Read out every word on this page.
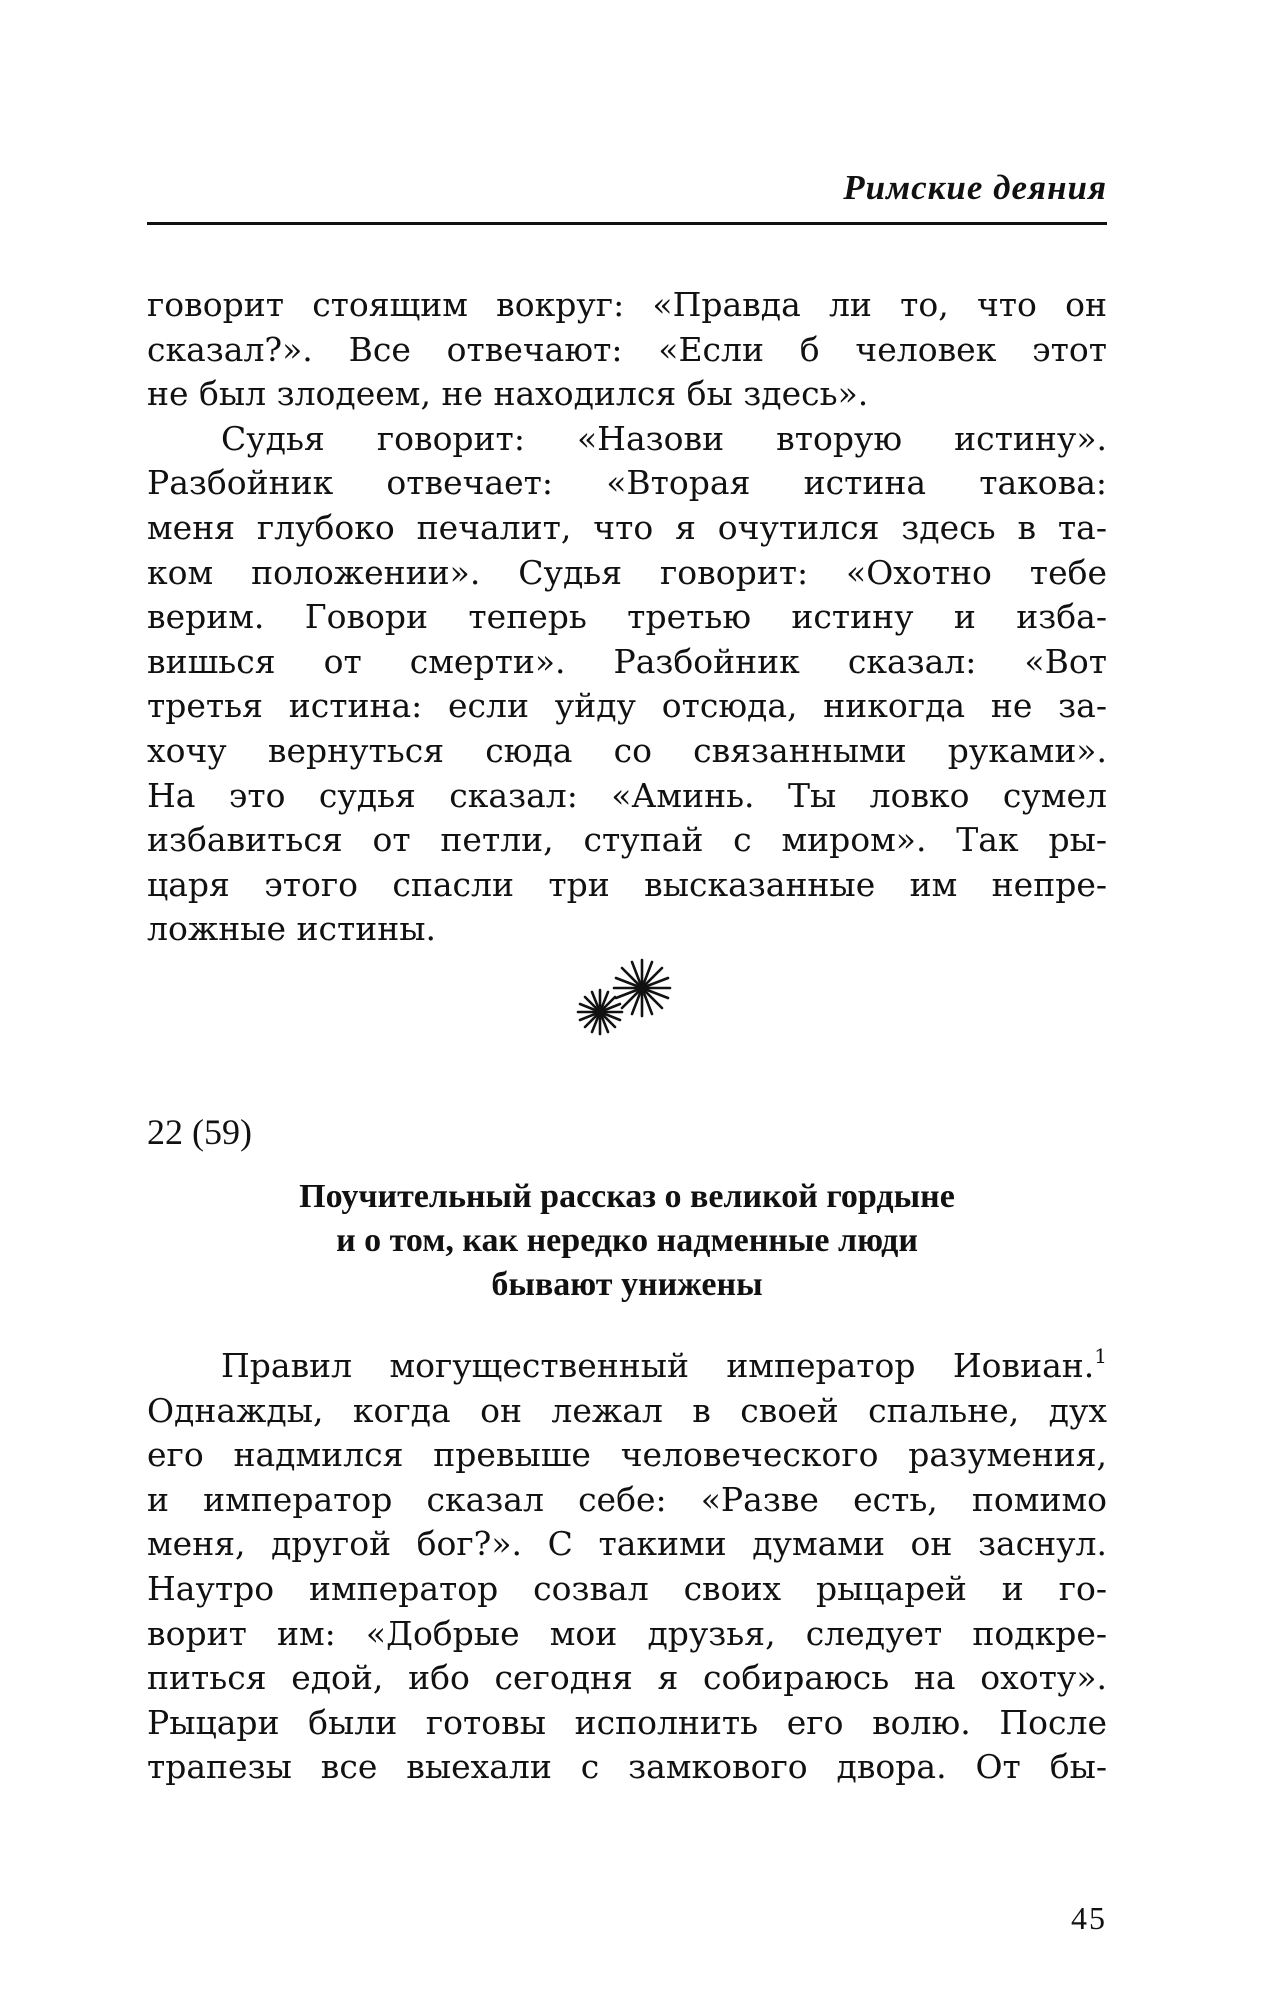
Римские деяния
говорит стоящим вокруг: «Правда ли то, что он
сказал?». Все отвечают: «Если б человек этот
не был злодеем, не находился бы здесь».
Судья говорит: «Назови вторую истину».
Разбойник отвечает: «Вторая истина такова:
меня глубоко печалит, что я очутился здесь в та-
ком положении». Судья говорит: «Охотно тебе
верим. Говори теперь третью истину и избa-
вишься от смерти». Разбойник сказал: «Вот
третья истина: если уйду отсюда, никогда не за-
хочу вернуться сюда со связанными руками».
На это судья сказал: «Аминь. Ты ловко сумел
избавиться от петли, ступай с миром». Так ры-
царя этого спасли три высказанные им непре-
ложные истины.
22 (59)
Поучительный рассказ о великой гордыне
и о том, как нередко надменные люди
бывают унижены
Правил могущественный император Иовиан.$^1$
Однажды, когда он лежал в своей спальне, дух
его надмился превыше человеческого разумения,
и император сказал себе: «Разве есть, помимо
меня, другой бог?». С такими думами он заснул.
Наутро император созвал своих рыцарей и го-
ворит им: «Добрые мои друзья, следует подкре-
питься едой, ибо сегодня я собираюсь на охоту».
Рыцари были готовы исполнить его волю. После
трапезы все выехали с замкового двора. От бы-
45
